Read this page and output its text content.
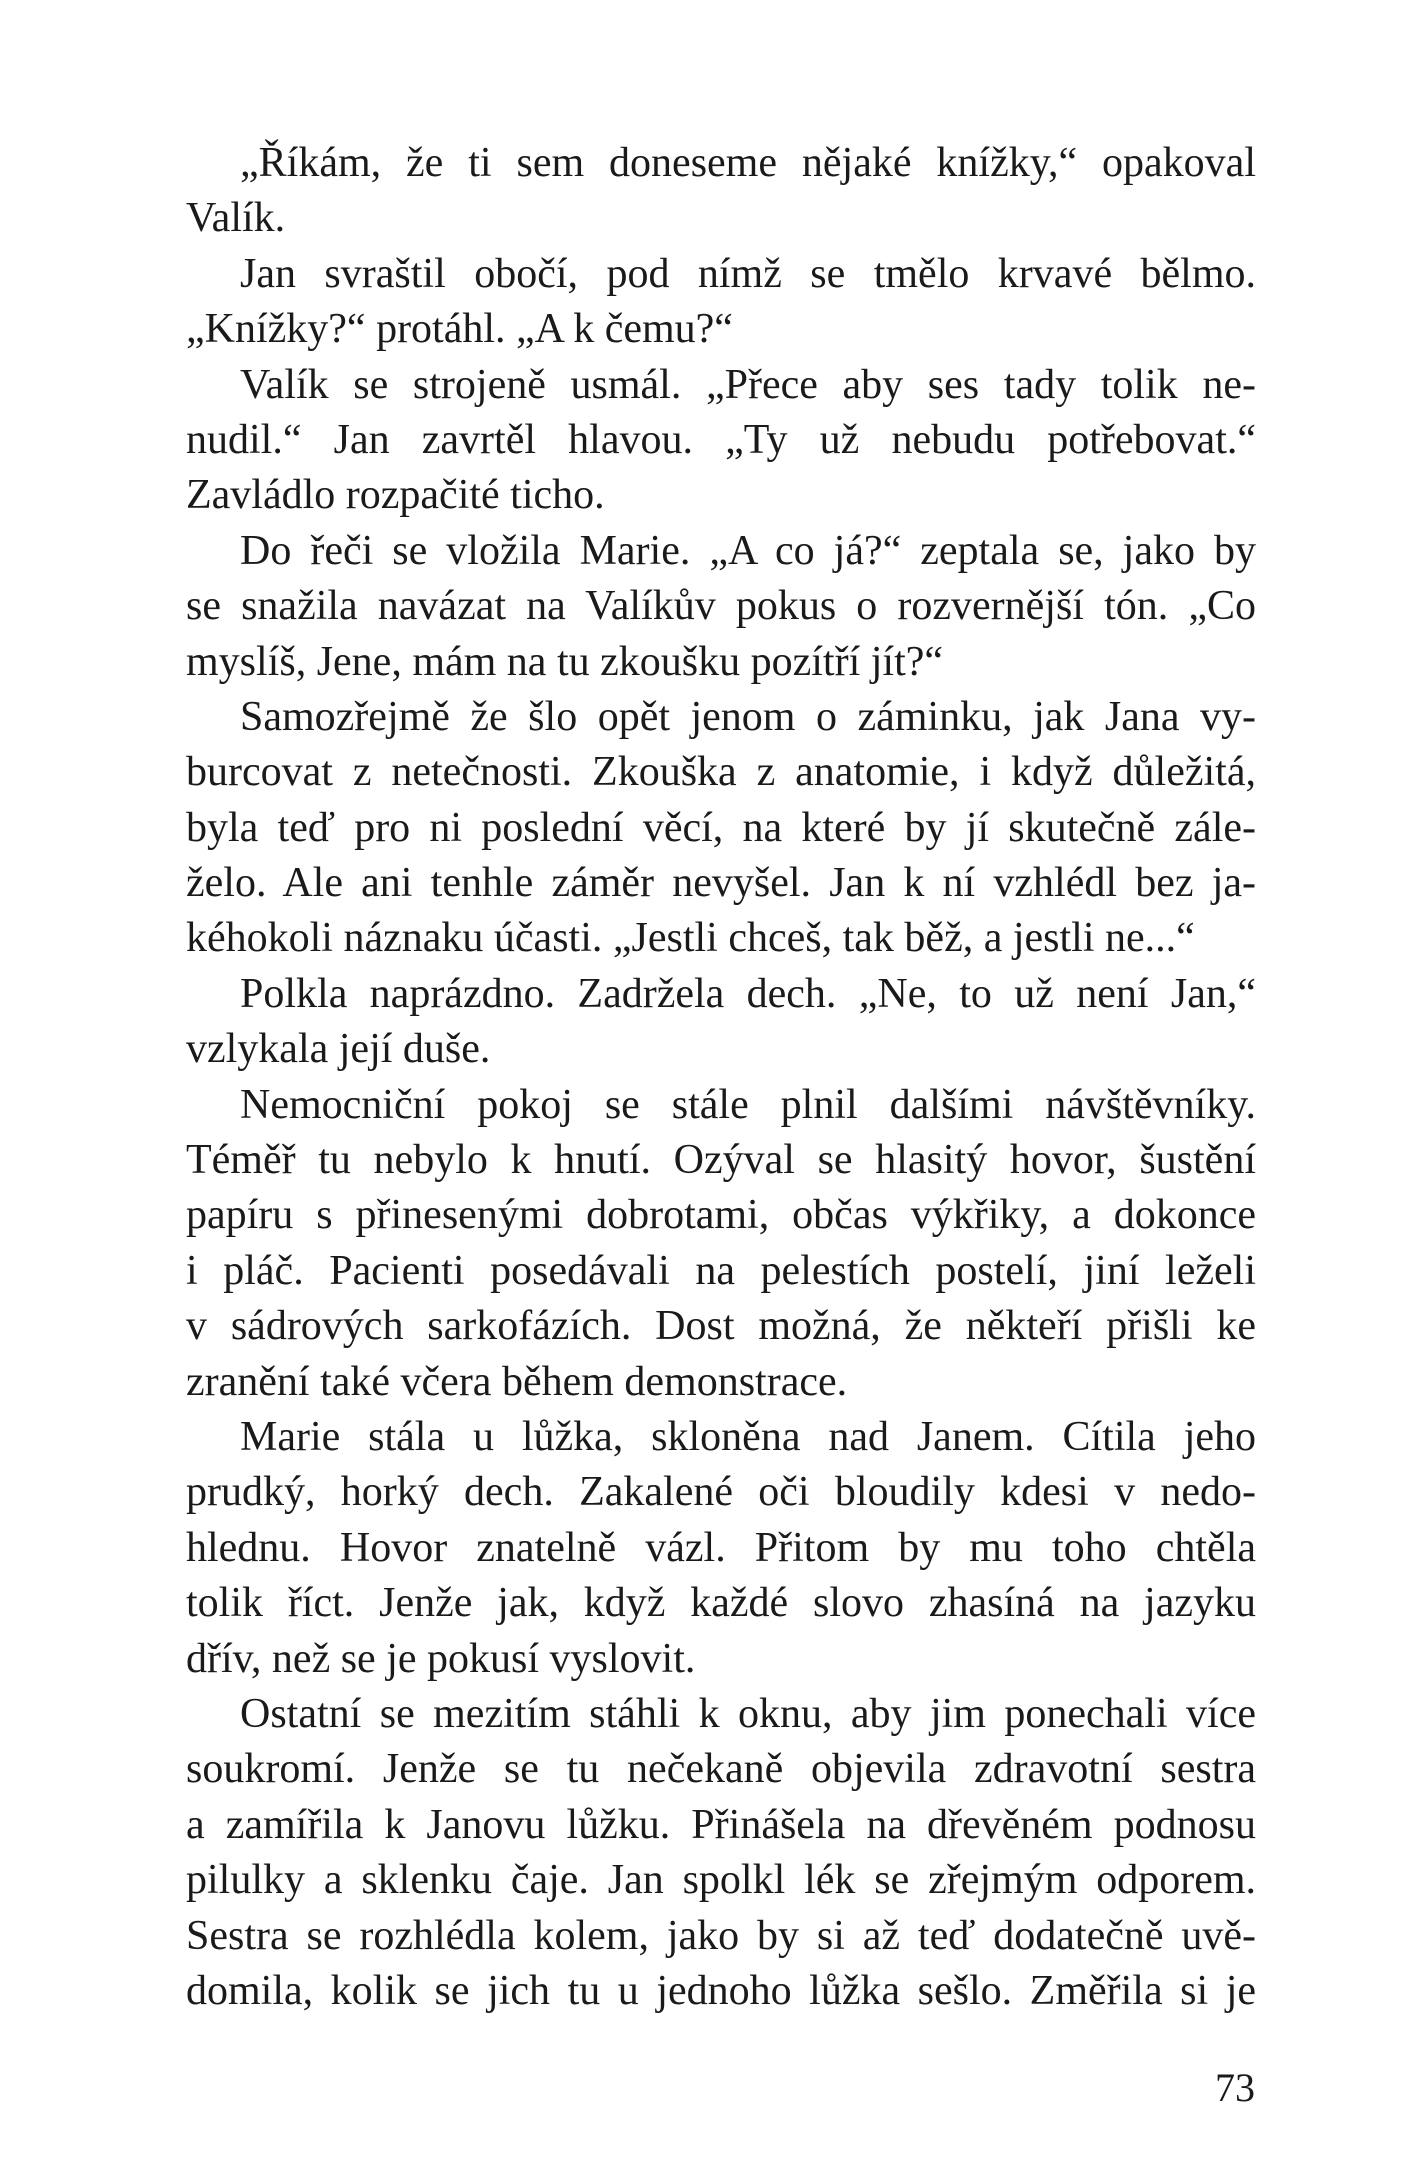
„Říkám, že ti sem doneseme nějaké knížky,“ opakoval
Valík.
Jan svraštil obočí, pod nímž se tmělo krvavé bělmo.
„Knížky?“ protáhl. „A k čemu?“
Valík se strojeně usmál. „Přece aby ses tady tolik ne-
nudil.“ Jan zavrtěl hlavou. „Ty už nebudu potřebovat.“
Zavládlo rozpačité ticho.
Do řeči se vložila Marie. „A co já?“ zeptala se, jako by
se snažila navázat na Valíkův pokus o rozvernější tón. „Co
myslíš, Jene, mám na tu zkoušku pozítří jít?“
Samozřejmě že šlo opět jenom o záminku, jak Jana vy-
burcovat z netečnosti. Zkouška z anatomie, i když důležitá,
byla teď pro ni poslední věcí, na které by jí skutečně zále-
želo. Ale ani tenhle záměr nevyšel. Jan k ní vzhlédl bez ja-
kéhokoli náznaku účasti. „Jestli chceš, tak běž, a jestli ne...“
Polkla naprázdno. Zadržela dech. „Ne, to už není Jan,“
vzlykala její duše.
Nemocniční pokoj se stále plnil dalšími návštěvníky.
Téměř tu nebylo k hnutí. Ozýval se hlasitý hovor, šustění
papíru s přinesenými dobrotami, občas výkřiky, a dokonce
i pláč. Pacienti posedávali na pelestích postelí, jiní leželi
v sádrových sarkofázích. Dost možná, že někteří přišli ke
zranění také včera během demonstrace.
Marie stála u lůžka, skloněna nad Janem. Cítila jeho
prudký, horký dech. Zakalené oči bloudily kdesi v nedo-
hlednu. Hovor znatelně vázl. Přitom by mu toho chtěla
tolik říct. Jenže jak, když každé slovo zhasíná na jazyku
dřív, než se je pokusí vyslovit.
Ostatní se mezitím stáhli k oknu, aby jim ponechali více
soukromí. Jenže se tu nečekaně objevila zdravotní sestra
a zamířila k Janovu lůžku. Přinášela na dřevěném podnosu
pilulky a sklenku čaje. Jan spolkl lék se zřejmým odporem.
Sestra se rozhlédla kolem, jako by si až teď dodatečně uvě-
domila, kolik se jich tu u jednoho lůžka sešlo. Změřila si je
73
